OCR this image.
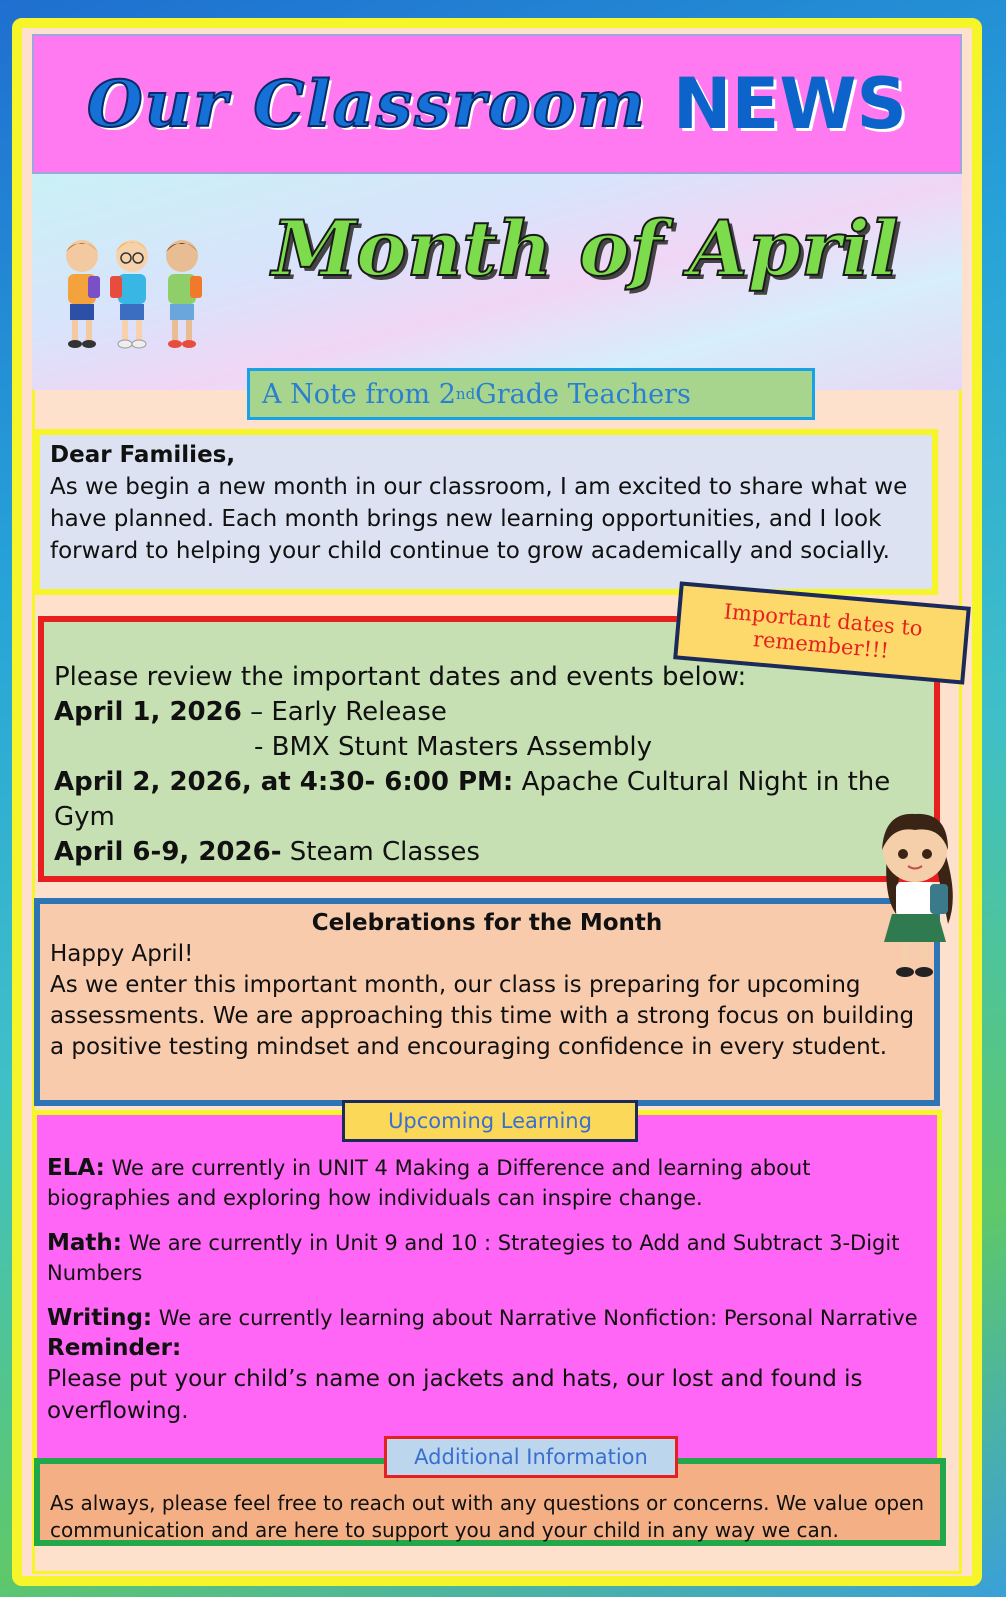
Our Classroom NEWS
Month of April
A Note from 2 nd Grade Teachers
Dear Families,
As we begin a new month in our classroom, I am excited to share what we have planned. Each month brings new learning opportunities, and I look forward to helping your child continue to grow academically and socially.
Please review the important dates and events below:
April 1, 2026 – Early Release
- BMX Stunt Masters Assembly
April 2, 2026, at 4:30- 6:00 PM: Apache Cultural Night in the Gym
April 6-9, 2026- Steam Classes
Important dates to remember!!!
Celebrations for the Month
Happy April!
As we enter this important month, our class is preparing for upcoming assessments. We are approaching this time with a strong focus on building a positive testing mindset and encouraging confidence in every student.
ELA: We are currently in UNIT 4 Making a Difference and learning about biographies and exploring how individuals can inspire change.
Math: We are currently in Unit 9 and 10 : Strategies to Add and Subtract 3-Digit Numbers
Writing: We are currently learning about Narrative Nonfiction: Personal Narrative
Reminder:
Please put your child’s name on jackets and hats, our lost and found is overflowing.
Upcoming Learning
As always, please feel free to reach out with any questions or concerns. We value open communication and are here to support you and your child in any way we can.
Additional Information
